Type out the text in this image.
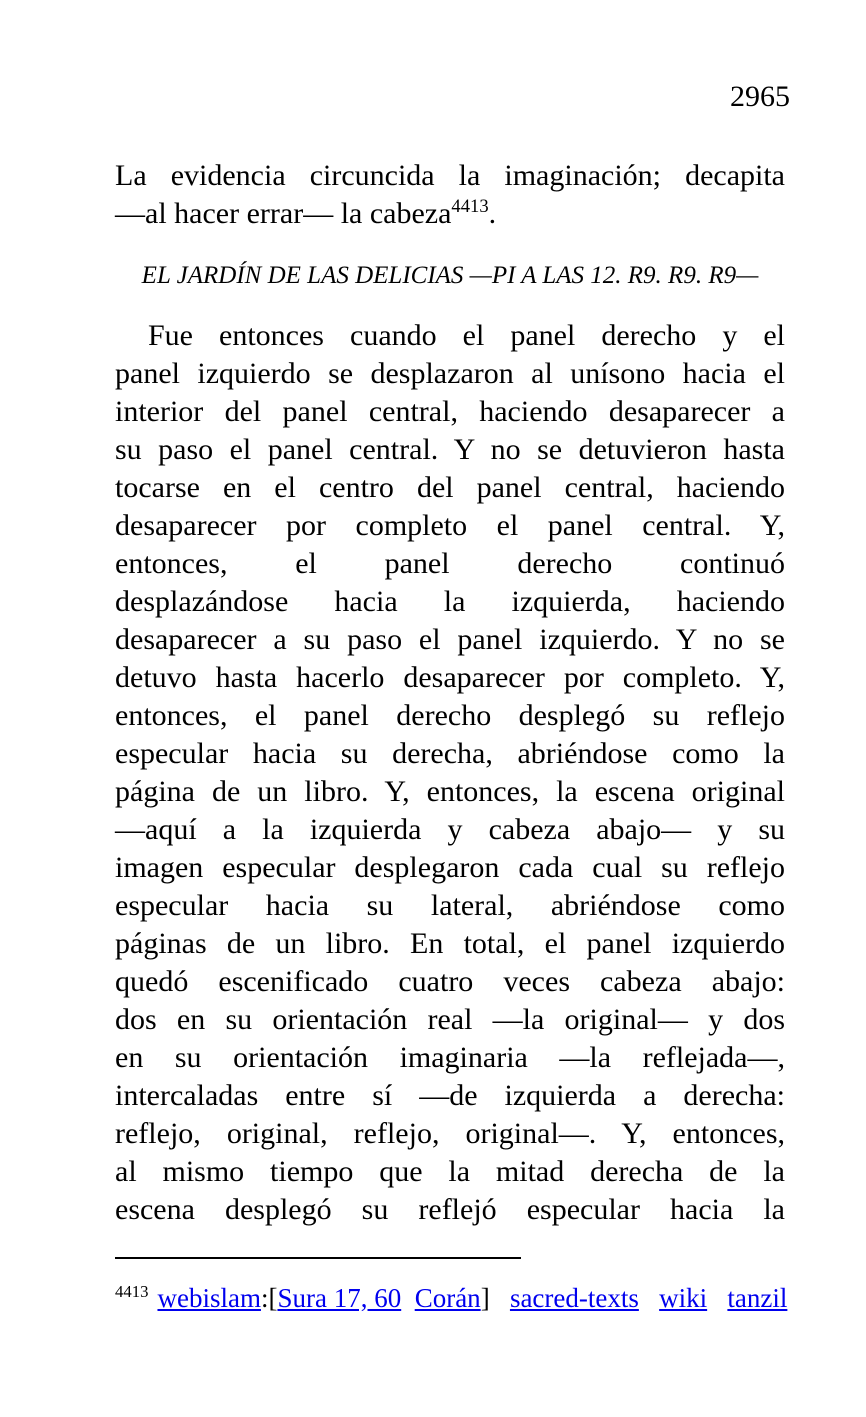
2965
La evidencia circuncida la imaginación; decapita
—al hacer errar— la cabeza$^{4413}$.
EL JARDÍN DE LAS DELICIAS —PI A LAS 12. R9. R9. R9—
Fue entonces cuando el panel derecho y el
panel izquierdo se desplazaron al unísono hacia el
interior del panel central, haciendo desaparecer a
su paso el panel central. Y no se detuvieron hasta
tocarse en el centro del panel central, haciendo
desaparecer por completo el panel central. Y,
entonces, el panel derecho continuó
desplazándose hacia la izquierda, haciendo
desaparecer a su paso el panel izquierdo. Y no se
detuvo hasta hacerlo desaparecer por completo. Y,
entonces, el panel derecho desplegó su reflejo
especular hacia su derecha, abriéndose como la
página de un libro. Y, entonces, la escena original
—aquí a la izquierda y cabeza abajo— y su
imagen especular desplegaron cada cual su reflejo
especular hacia su lateral, abriéndose como
páginas de un libro. En total, el panel izquierdo
quedó escenificado cuatro veces cabeza abajo:
dos en su orientación real —la original— y dos
en su orientación imaginaria —la reflejada—,
intercaladas entre sí —de izquierda a derecha:
reflejo, original, reflejo, original—. Y, entonces,
al mismo tiempo que la mitad derecha de la
escena desplegó su reflejó especular hacia la
$^{4413}$ webislam:[Sura 17, 60 Corán]   sacred-texts wiki tanzil
